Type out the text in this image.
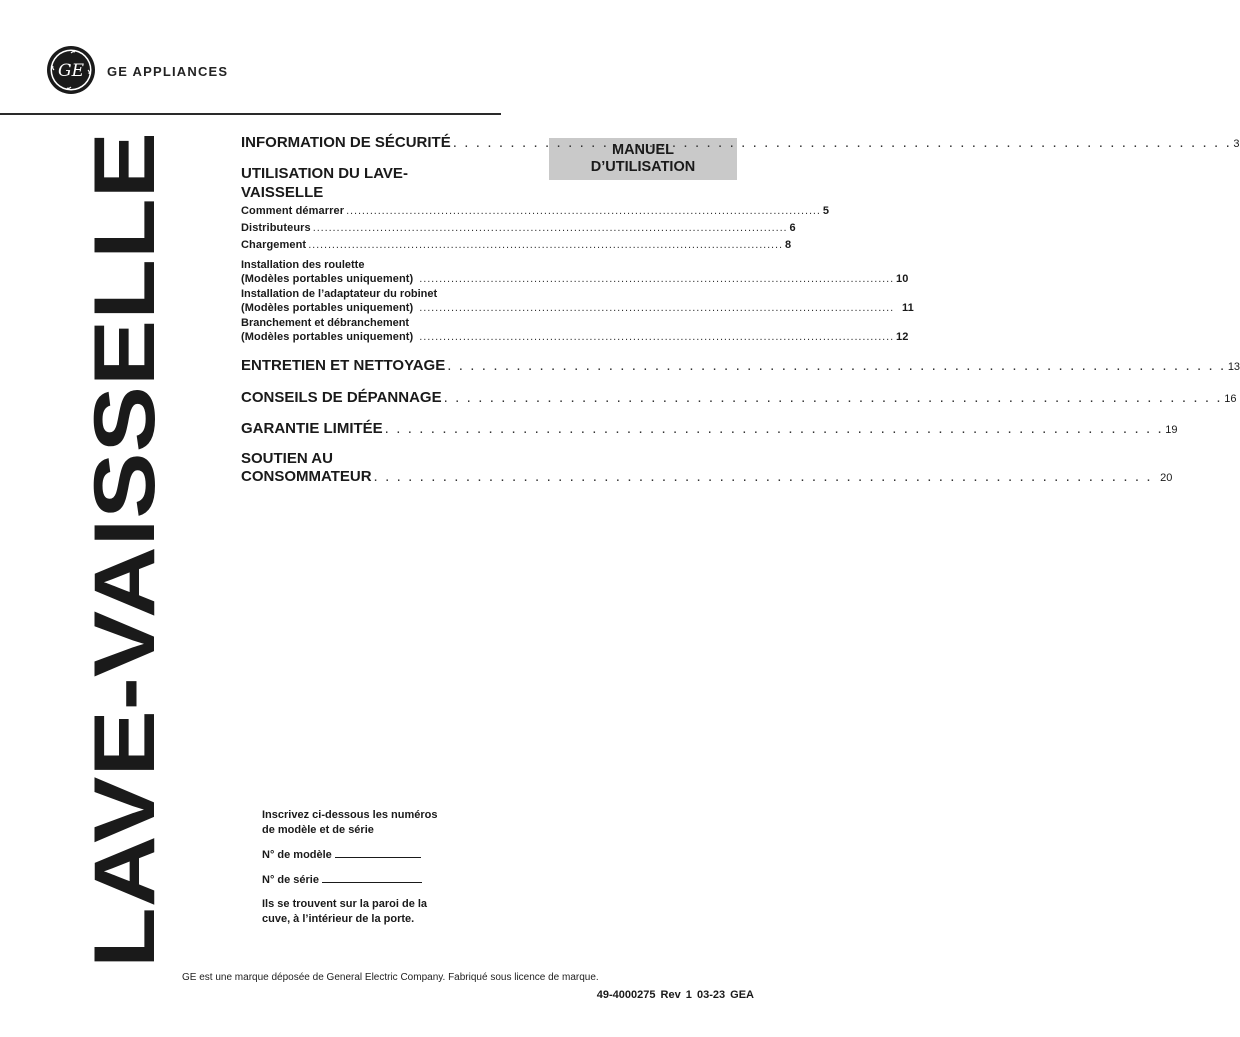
GE GE APPLIANCES
LAVE-VAISSELLE
MANUEL
D’UTILISATION
INFORMATION DE SÉCURITÉ . . .	3
UTILISATION DU LAVE-
VAISSELLE
Comment démarrer .....	5
Distributeurs .....	6
Chargement .....	8
Installation des roulette
(Modèles portables uniquement) .....	10
Installation de l’adaptateur du robinet
(Modèles portables uniquement) .....	11
Branchement et débranchement
(Modèles portables uniquement) .....	12
ENTRETIEN ET NETTOYAGE . . .	13
CONSEILS DE DÉPANNAGE . . .	16
GARANTIE LIMITÉE . . .	19
SOUTIEN AU
CONSOMMATEUR . . .	20

Inscrivez ci-dessous les numéros
de modèle et de série

N° de modèle

N° de série

Ils se trouvent sur la paroi de la
cuve, à l’intérieur de la porte.

GE est une marque déposée de General Electric Company. Fabriqué sous licence de marque.
49-4000275 Rev 1 03-23 GEA
